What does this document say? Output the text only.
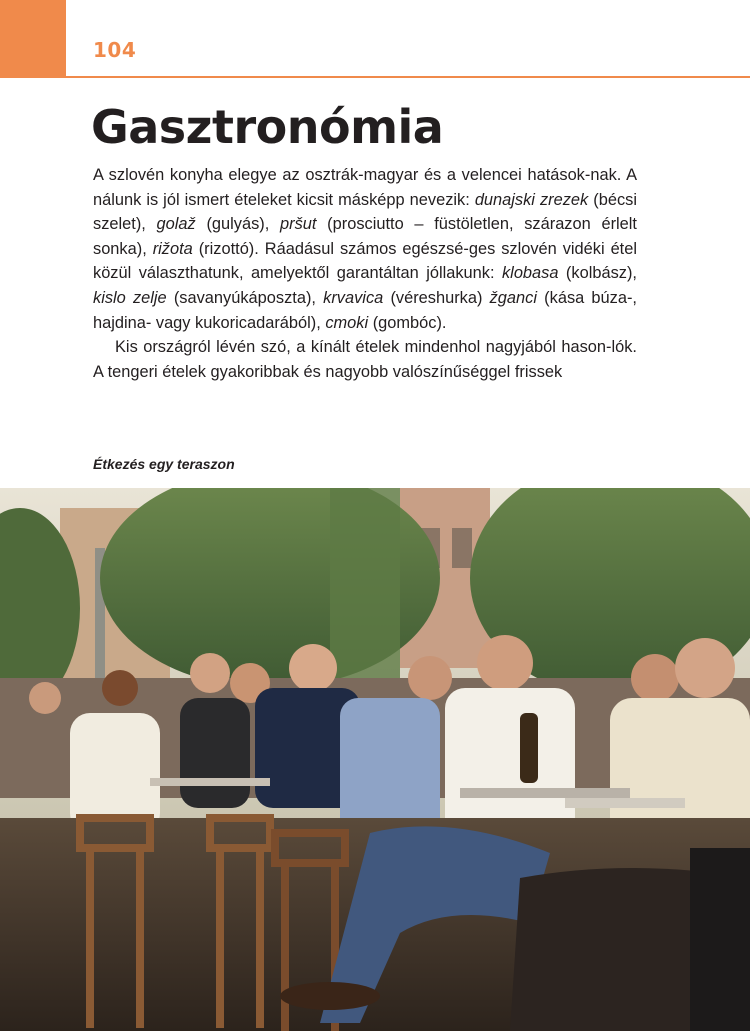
104
Gasztronómia

A szlovén konyha elegye az osztrák-magyar és a velencei hatások-nak. A nálunk is jól ismert ételeket kicsit másképp nevezik: dunajski zrezek (bécsi szelet), golaž (gulyás), pršut (prosciutto – füstöletlen, szárazon érlelt sonka), rižota (rizottó). Ráadásul számos egészsé-ges szlovén vidéki étel közül választhatunk, amelyektől garantáltan jóllakunk: klobasa (kolbász), kislo zelje (savanyúkáposzta), krvavica (véreshurka) žganci (kása búza-, hajdina- vagy kukoricadarából), cmoki (gombóc).

Kis országról lévén szó, a kínált ételek mindenhol nagyjából hason-lók. A tengeri ételek gyakoribbak és nagyobb valószínűséggel frissek

Étkezés egy teraszon
